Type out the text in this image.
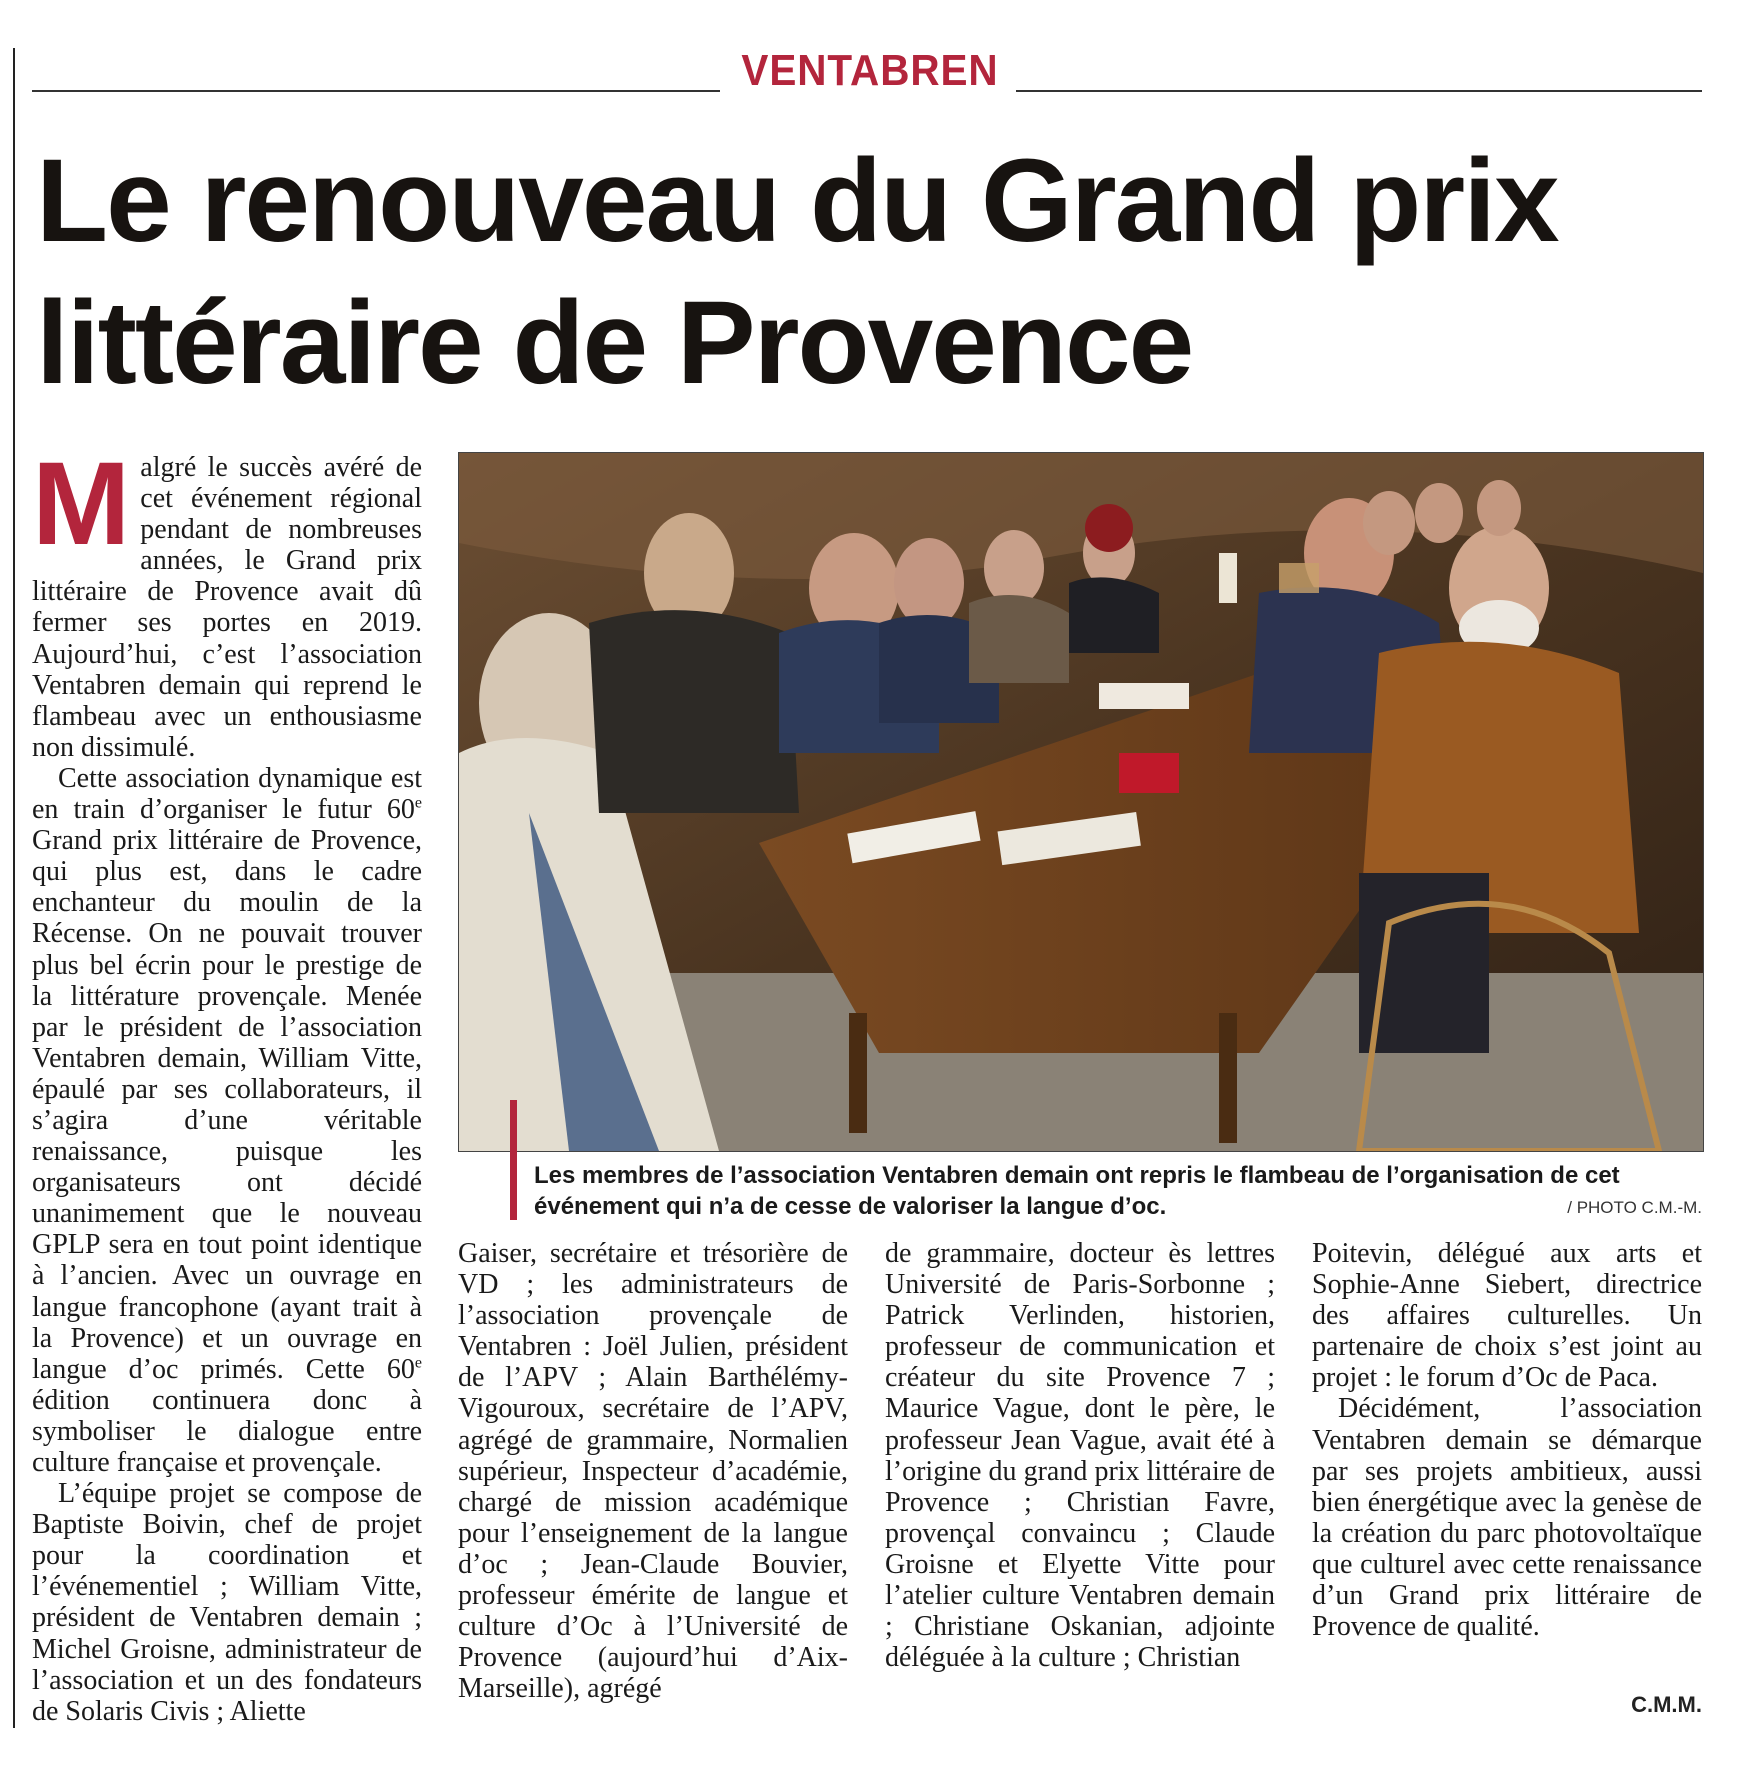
VENTABREN
Le renouveau du Grand prix littéraire de Provence

Malgré le succès avéré de cet événement régional pendant de nombreuses années, le Grand prix littéraire de Provence avait dû fermer ses portes en 2019. Aujourd’hui, c’est l’association Ventabren demain qui reprend le flambeau avec un enthousiasme non dissimulé.

Cette association dynamique est en train d’organiser le futur 60e Grand prix littéraire de Provence, qui plus est, dans le cadre enchanteur du moulin de la Récense. On ne pouvait trouver plus bel écrin pour le prestige de la littérature provençale. Menée par le président de l’association Ventabren demain, William Vitte, épaulé par ses collaborateurs, il s’agira d’une véritable renaissance, puisque les organisateurs ont décidé unanimement que le nouveau GPLP sera en tout point identique à l’ancien. Avec un ouvrage en langue francophone (ayant trait à la Provence) et un ouvrage en langue d’oc primés. Cette 60e édition continuera donc à symboliser le dialogue entre culture française et provençale.

L’équipe projet se compose de Baptiste Boivin, chef de projet pour la coordination et l’événementiel ; William Vitte, président de Ventabren demain ; Michel Groisne, administrateur de l’association et un des fondateurs de Solaris Civis ; Aliette

Les membres de l’association Ventabren demain ont repris le flambeau de l’organisation de cet événement qui n’a de cesse de valoriser la langue d’oc.	/ PHOTO C.M.-M.

Gaiser, secrétaire et trésorière de VD ; les administrateurs de l’association provençale de Ventabren : Joël Julien, président de l’APV ; Alain Barthélémy-Vigouroux, secrétaire de l’APV, agrégé de grammaire, Normalien supérieur, Inspecteur d’académie, chargé de mission académique pour l’enseignement de la langue d’oc ; Jean-Claude Bouvier, professeur émérite de langue et culture d’Oc à l’Université de Provence (aujourd’hui d’Aix-Marseille), agrégé

de grammaire, docteur ès lettres Université de Paris-Sorbonne ; Patrick Verlinden, historien, professeur de communication et créateur du site Provence 7 ; Maurice Vague, dont le père, le professeur Jean Vague, avait été à l’origine du grand prix littéraire de Provence ; Christian Favre, provençal convaincu ; Claude Groisne et Elyette Vitte pour l’atelier culture Ventabren demain ; Christiane Oskanian, adjointe déléguée à la culture ; Christian

Poitevin, délégué aux arts et Sophie-Anne Siebert, directrice des affaires culturelles. Un partenaire de choix s’est joint au projet : le forum d’Oc de Paca.

Décidément, l’association Ventabren demain se démarque par ses projets ambitieux, aussi bien énergétique avec la genèse de la création du parc photovoltaïque que culturel avec cette renaissance d’un Grand prix littéraire de Provence de qualité.

C.M.M.
